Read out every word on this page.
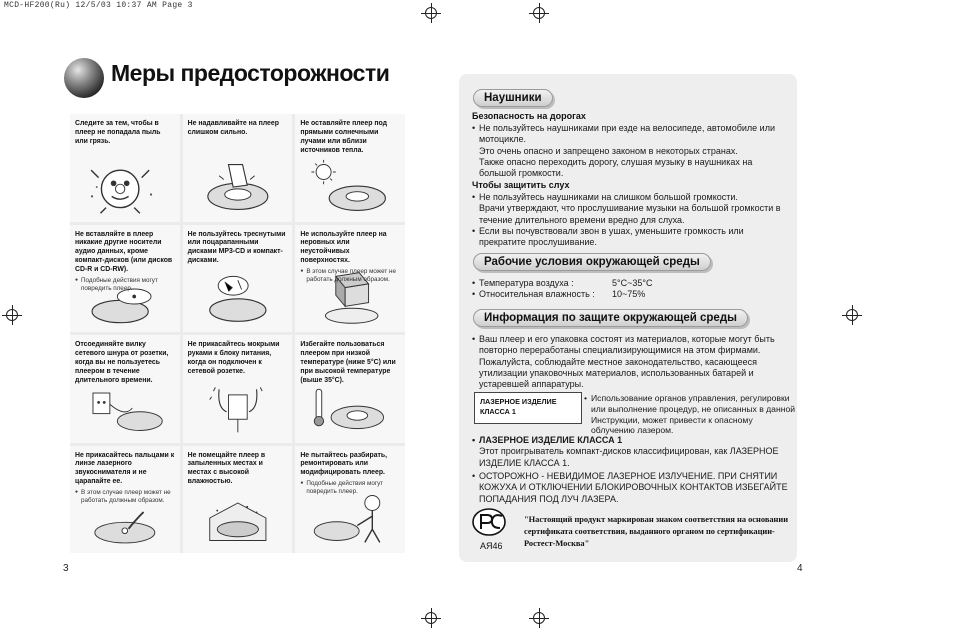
MCD-HF200(Ru) 12/5/03 10:37 AM Page 3
Меры предосторожности
Следите за тем, чтобы в плеер не попадала пыль или грязь.
Не надавливайте на плеер слишком сильно.
Не оставляйте плеер под прямыми солнечными лучами или вблизи источников тепла.
Не вставляйте в плеер никакие другие носители аудио данных, кроме компакт-дисков (или дисков CD-R и CD-RW).
● Подобные действия могут повредить плеер.
Не пользуйтесь треснутыми или поцарапанными дисками MP3-CD и компакт-дисками.
Не используйте плеер на неровных или неустойчивых поверхностях.
● В этом случае плеер может не работать должным образом.
Отсоединяйте вилку сетевого шнура от розетки, когда вы не пользуетесь плеером в течение длительного времени.
Не прикасайтесь мокрыми руками к блоку питания, когда он подключен к сетевой розетке.
Избегайте пользоваться плеером при низкой температуре (ниже 5°C) или при высокой температуре (выше 35°C).
Не прикасайтесь пальцами к линзе лазерного звукоснимателя и не царапайте ее.
● В этом случае плеер может не работать должным образом.
Не помещайте плеер в запыленных местах и местах с высокой влажностью.
Не пытайтесь разбирать, ремонтировать или модифицировать плеер.
● Подобные действия могут повредить плеер.
3	4
Наушники
Безопасность на дорогах
• Не пользуйтесь наушниками при езде на велосипеде, автомобиле или мотоцикле.
Это очень опасно и запрещено законом в некоторых странах.
Также опасно переходить дорогу, слушая музыку в наушниках на большой громкости.
Чтобы защитить слух
• Не пользуйтесь наушниками на слишком большой громкости.
Врачи утверждают, что прослушивание музыки на большой громкости в течение длительного времени вредно для слуха.
• Если вы почувствовали звон в ушах, уменьшите громкость или прекратите прослушивание.
Рабочие условия окружающей среды
• Температура воздуха :	5°C~35°C
• Относительная влажность :	10~75%
Информация по защите окружающей среды
• Ваш плеер и его упаковка состоят из материалов, которые могут быть повторно переработаны специализирующимися на этом фирмами. Пожалуйста, соблюдайте местное законодательство, касающееся утилизации упаковочных материалов, использованных батарей и устаревшей аппаратуры.
ЛАЗЕРНОЕ ИЗДЕЛИЕ
КЛАССА 1
• Использование органов управления, регулировки или выполнение процедур, не описанных в данной Инструкции, может привести к опасному облучению лазером.
• ЛАЗЕРНОЕ ИЗДЕЛИЕ КЛАССА 1
Этот проигрыватель компакт-дисков классифицирован, как ЛАЗЕРНОЕ ИЗДЕЛИЕ КЛАССА 1.
• ОСТОРОЖНО - НЕВИДИМОЕ ЛАЗЕРНОЕ ИЗЛУЧЕНИЕ. ПРИ СНЯТИИ КОЖУХА И ОТКЛЮЧЕНИИ БЛОКИРОВОЧНЫХ КОНТАКТОВ ИЗБЕГАЙТЕ ПОПАДАНИЯ ПОД ЛУЧ ЛАЗЕРА.
АЯ46
"Настоящий продукт маркирован знаком соответствия на основании сертификата соответствия, выданного органом по сертификации-Ростест-Москва"
